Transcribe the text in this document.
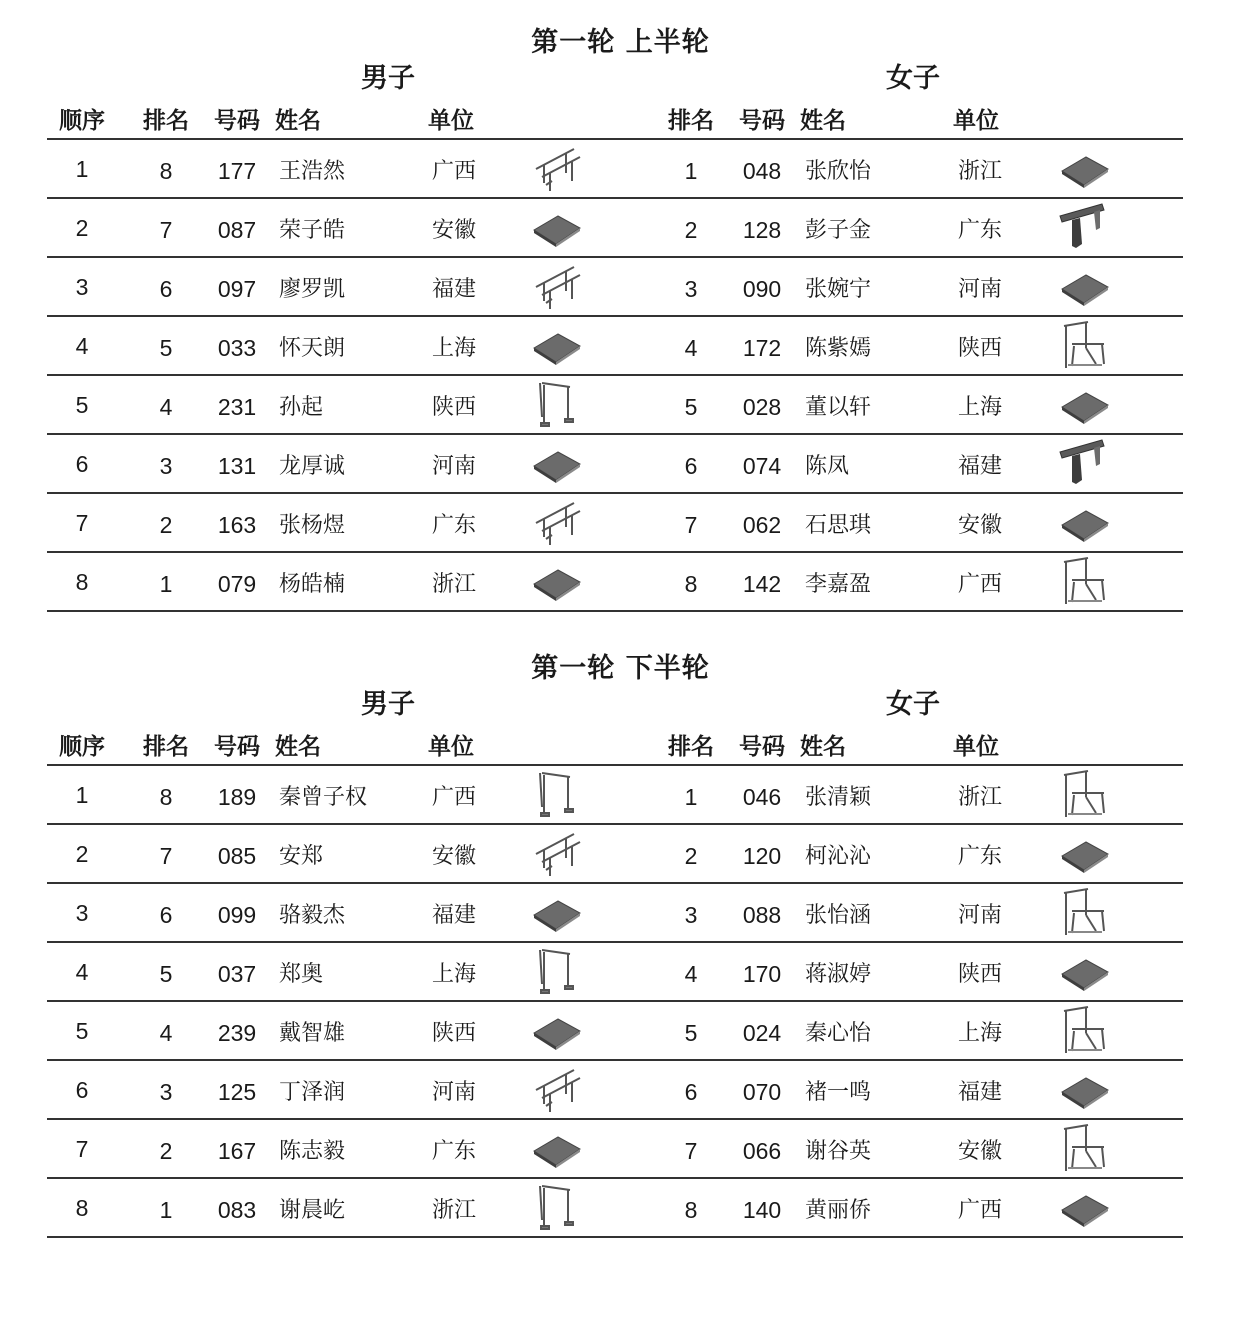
第一轮 上半轮
男子	女子
顺序 排名 号码 姓名	单位	排名 号码 姓名	单位
1	8 177 王浩然	广西	1 048 张欣怡	浙江
2	7 087 荣子皓	安徽	2 128 彭子金	广东
3	6 097 廖罗凯	福建	3 090 张婉宁	河南
4	5 033 怀天朗	上海	4 172 陈紫嫣	陕西
5	4 231 孙起	陕西	5 028 董以轩	上海
6	3 131 龙厚诚	河南	6 074 陈凤	福建
7	2 163 张杨煜	广东	7 062 石思琪	安徽
8	1 079 杨皓楠	浙江	8 142 李嘉盈	广西
第一轮 下半轮
男子	女子
顺序 排名 号码 姓名	单位	排名 号码 姓名	单位
1	8 189 秦曾子权	广西	1 046 张清颖	浙江
2	7 085 安郑	安徽	2 120 柯沁沁	广东
3	6 099 骆毅杰	福建	3 088 张怡涵	河南
4	5 037 郑奥	上海	4 170 蒋淑婷	陕西
5	4 239 戴智雄	陕西	5 024 秦心怡	上海
6	3 125 丁泽润	河南	6 070 褚一鸣	福建
7	2 167 陈志毅	广东	7 066 谢谷英	安徽
8	1 083 谢晨屹	浙江	8 140 黄丽侨	广西
